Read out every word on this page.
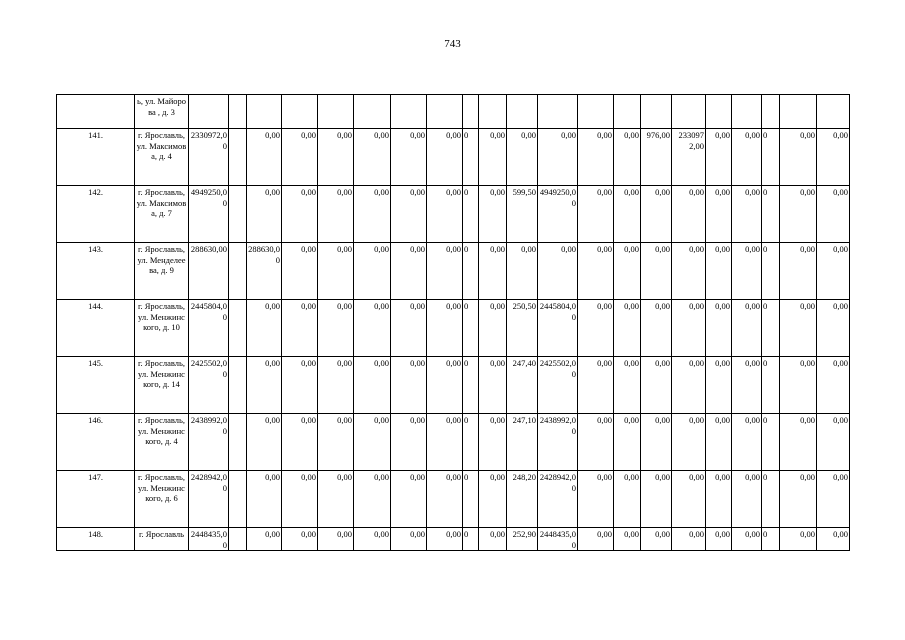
743
	ь, ул. Майорова , д. 3																					
141.	г. Ярославль, ул. Максимова, д. 4	2330972,00		0,00	0,00	0,00	0,00	0,00	0,00	0	0,00	0,00	0,00	0,00	0,00	976,00	2330972,00	0,00	0,00	0	0,00	0,00
142.	г. Ярославль, ул. Максимова, д. 7	4949250,00		0,00	0,00	0,00	0,00	0,00	0,00	0	0,00	599,50	4949250,00	0,00	0,00	0,00	0,00	0,00	0,00	0	0,00	0,00
143.	г. Ярославль, ул. Менделеева, д. 9	288630,00		288630,00	0,00	0,00	0,00	0,00	0,00	0	0,00	0,00	0,00	0,00	0,00	0,00	0,00	0,00	0,00	0	0,00	0,00
144.	г. Ярославль, ул. Менжинского, д. 10	2445804,00		0,00	0,00	0,00	0,00	0,00	0,00	0	0,00	250,50	2445804,00	0,00	0,00	0,00	0,00	0,00	0,00	0	0,00	0,00
145.	г. Ярославль, ул. Менжинского, д. 14	2425502,00		0,00	0,00	0,00	0,00	0,00	0,00	0	0,00	247,40	2425502,00	0,00	0,00	0,00	0,00	0,00	0,00	0	0,00	0,00
146.	г. Ярославль, ул. Менжинского, д. 4	2438992,00		0,00	0,00	0,00	0,00	0,00	0,00	0	0,00	247,10	2438992,00	0,00	0,00	0,00	0,00	0,00	0,00	0	0,00	0,00
147.	г. Ярославль, ул. Менжинского, д. 6	2428942,00		0,00	0,00	0,00	0,00	0,00	0,00	0	0,00	248,20	2428942,00	0,00	0,00	0,00	0,00	0,00	0,00	0	0,00	0,00
148.	г. Ярославль	2448435,00		0,00	0,00	0,00	0,00	0,00	0,00	0	0,00	252,90	2448435,00	0,00	0,00	0,00	0,00	0,00	0,00	0	0,00	0,00
